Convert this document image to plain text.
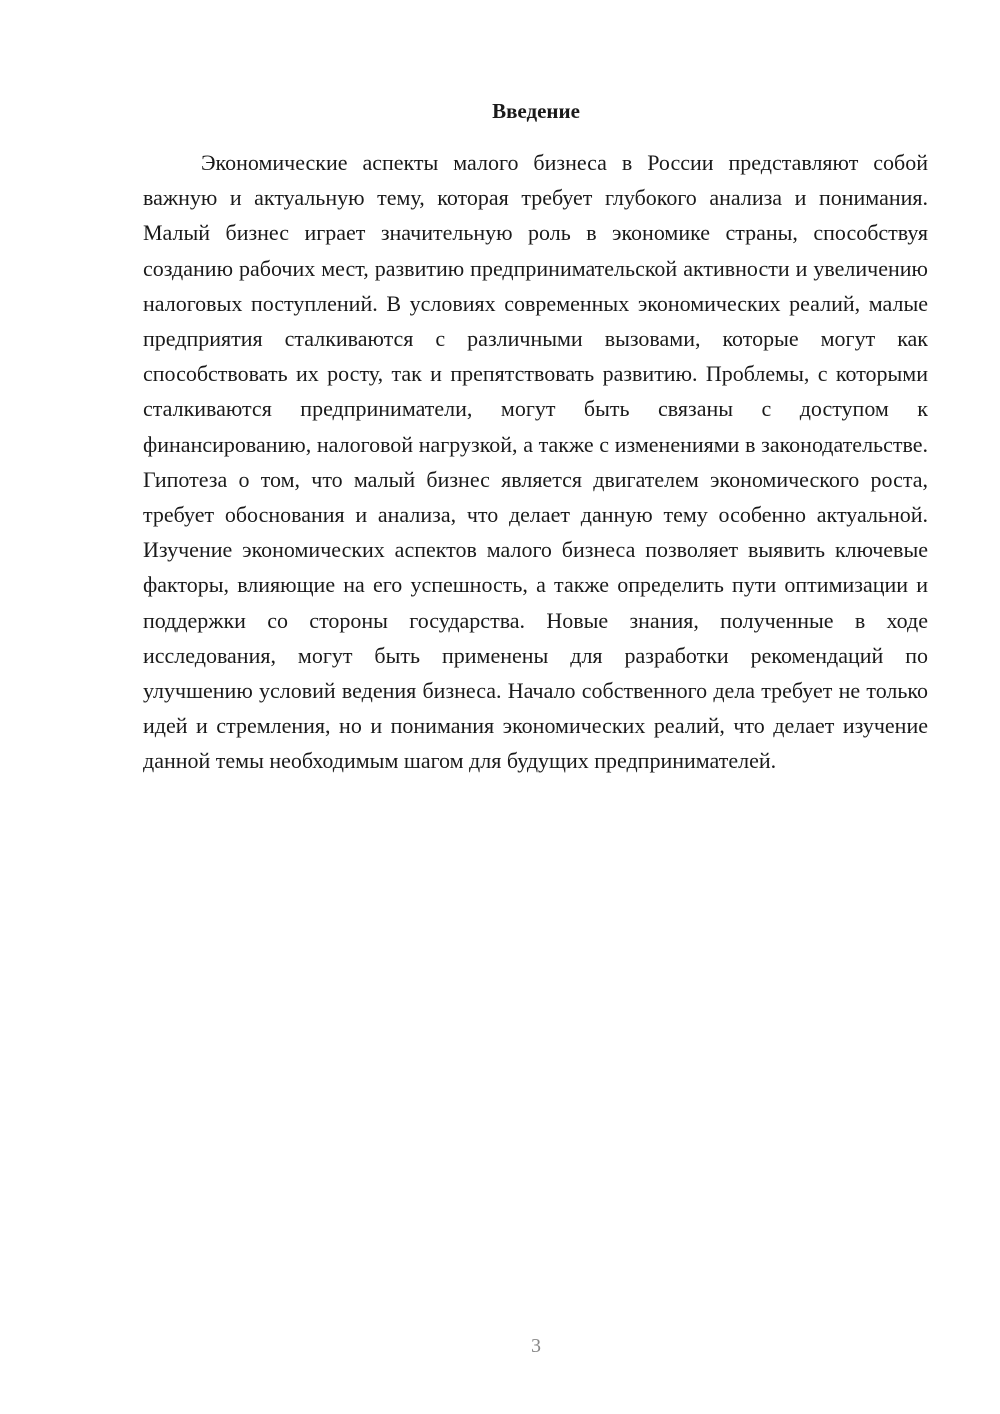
Введение

Экономические аспекты малого бизнеса в России представляют собой важную и актуальную тему, которая требует глубокого анализа и понимания. Малый бизнес играет значительную роль в экономике страны, способствуя созданию рабочих мест, развитию предпринимательской активности и увеличению налоговых поступлений. В условиях современных экономических реалий, малые предприятия сталкиваются с различными вызовами, которые могут как способствовать их росту, так и препятствовать развитию. Проблемы, с которыми сталкиваются предприниматели, могут быть связаны с доступом к финансированию, налоговой нагрузкой, а также с изменениями в законодательстве. Гипотеза о том, что малый бизнес является двигателем экономического роста, требует обоснования и анализа, что делает данную тему особенно актуальной. Изучение экономических аспектов малого бизнеса позволяет выявить ключевые факторы, влияющие на его успешность, а также определить пути оптимизации и поддержки со стороны государства. Новые знания, полученные в ходе исследования, могут быть применены для разработки рекомендаций по улучшению условий ведения бизнеса. Начало собственного дела требует не только идей и стремления, но и понимания экономических реалий, что делает изучение данной темы необходимым шагом для будущих предпринимателей.

3
